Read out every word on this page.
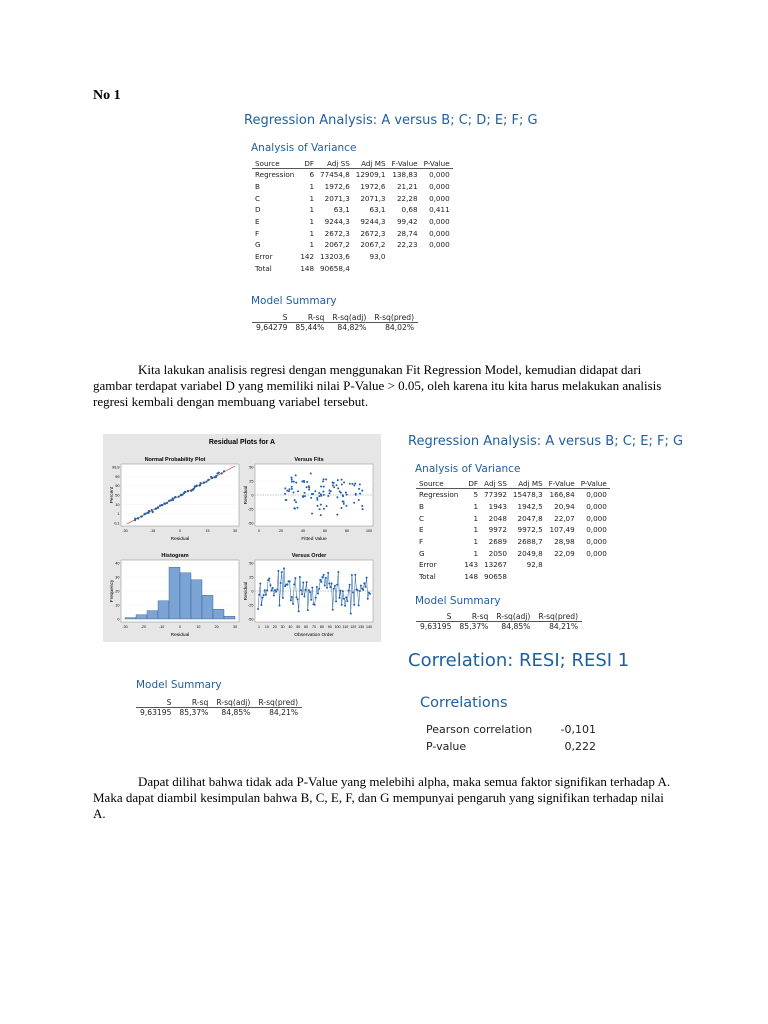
No 1
Regression Analysis: A versus B; C; D; E; F; G
Analysis of Variance
Source	DF	Adj SS	Adj MS	F-Value	P-Value
Regression	6	77454,8	12909,1	138,83	0,000
B	1	1972,6	1972,6	21,21	0,000
C	1	2071,3	2071,3	22,28	0,000
D	1	63,1	63,1	0,68	0,411
E	1	9244,3	9244,3	99,42	0,000
F	1	2672,3	2672,3	28,74	0,000
G	1	2067,2	2067,2	22,23	0,000
Error	142	13203,6	93,0		
Total	148	90658,4			
Model Summary
S	R-sq	R-sq(adj)	R-sq(pred)
9,64279	85,44%	84,82%	84,02%
Kita lakukan analisis regresi dengan menggunakan Fit Regression Model, kemudian didapat dari gambar terdapat variabel D yang memiliki nilai P-Value > 0.05, oleh karena itu kita harus melakukan analisis regresi kembali dengan membuang variabel tersebut.
Residual Plots for A
Normal Probability Plot
Residual
Percent
99,9
99
90
50
10
1
0,1
-30	-15	0	15	30
Versus Fits
Fitted Value
Residual
50
25
0
-25
-50
0	20	40	60	80	100
Histogram
Residual
Frequency
40
30
20
10
0
-30	-20	-10	0	10	20	30
Versus Order
Observation Order
Residual
50
25
0
-25
-50
1 10 20 30 40 50 60 70 80 90 100 110 120 130 140
Regression Analysis: A versus B; C; E; F; G
Analysis of Variance
Source	DF	Adj SS	Adj MS	F-Value	P-Value
Regression	5	77392	15478,3	166,84	0,000
B	1	1943	1942,5	20,94	0,000
C	1	2048	2047,8	22,07	0,000
E	1	9972	9972,5	107,49	0,000
F	1	2689	2688,7	28,98	0,000
G	1	2050	2049,8	22,09	0,000
Error	143	13267	92,8		
Total	148	90658			
Model Summary
S	R-sq	R-sq(adj)	R-sq(pred)
9,63195	85,37%	84,85%	84,21%
Correlation: RESI; RESI 1
Correlations
Pearson correlation	-0,101
P-value	0,222
Model Summary
S	R-sq	R-sq(adj)	R-sq(pred)
9,63195	85,37%	84,85%	84,21%
Dapat dilihat bahwa tidak ada P-Value yang melebihi alpha, maka semua faktor signifikan terhadap A. Maka dapat diambil kesimpulan bahwa B, C, E, F, dan G mempunyai pengaruh yang signifikan terhadap nilai A.
